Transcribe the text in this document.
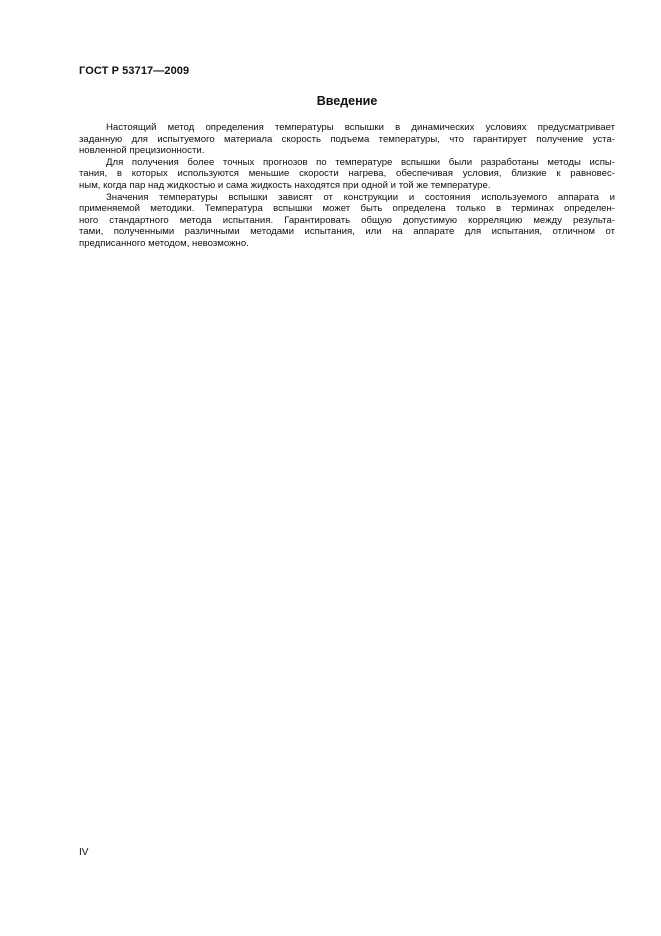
ГОСТ Р 53717—2009
Введение

Настоящий метод определения температуры вспышки в динамических условиях предусматривает
заданную для испытуемого материала скорость подъема температуры, что гарантирует получение уста-
новленной прецизионности.

Для получения более точных прогнозов по температуре вспышки были разработаны методы испы-
тания, в которых используются меньшие скорости нагрева, обеспечивая условия, близкие к равновес-
ным, когда пар над жидкостью и сама жидкость находятся при одной и той же температуре.

Значения температуры вспышки зависят от конструкции и состояния используемого аппарата и
применяемой методики. Температура вспышки может быть определена только в терминах определен-
ного стандартного метода испытания. Гарантировать общую допустимую корреляцию между результа-
тами, полученными различными методами испытания, или на аппарате для испытания, отличном от
предписанного методом, невозможно.

IV
